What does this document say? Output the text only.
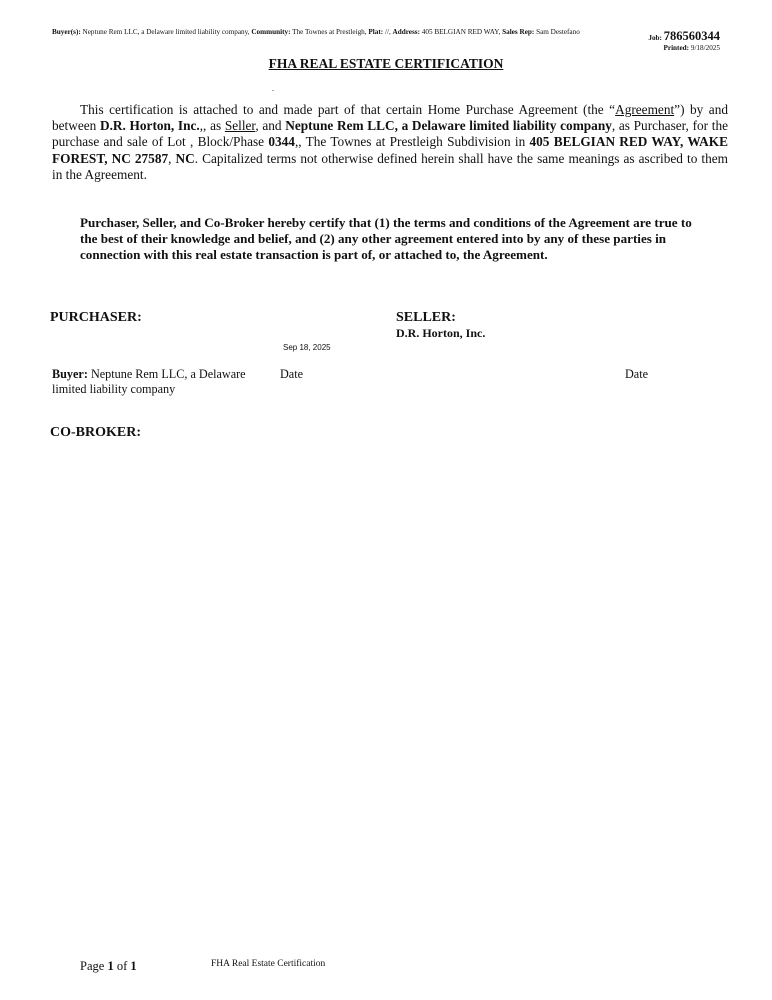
Buyer(s): Neptune Rem LLC, a Delaware limited liability company, Community: The Townes at Prestleigh, Plat: //, Address: 405 BELGIAN RED WAY, Sales Rep: Sam Destefano
Job: 786560344
Printed: 9/18/2025
FHA REAL ESTATE CERTIFICATION
.
This certification is attached to and made part of that certain Home Purchase Agreement (the “Agreement”) by and between D.R. Horton, Inc.,, as Seller, and Neptune Rem LLC, a Delaware limited liability company, as Purchaser, for the purchase and sale of Lot , Block/Phase 0344,, The Townes at Prestleigh Subdivision in 405 BELGIAN RED WAY, WAKE FOREST, NC 27587, NC. Capitalized terms not otherwise defined herein shall have the same meanings as ascribed to them in the Agreement.
Purchaser, Seller, and Co-Broker hereby certify that (1) the terms and conditions of the Agreement are true to the best of their knowledge and belief, and (2) any other agreement entered into by any of these parties in connection with this real estate transaction is part of, or attached to, the Agreement.
PURCHASER:	SELLER:
D.R. Horton, Inc.
Sep 18, 2025
Buyer: Neptune Rem LLC, a Delaware limited liability company
Date	Date
CO-BROKER:
Page 1 of 1	FHA Real Estate Certification
